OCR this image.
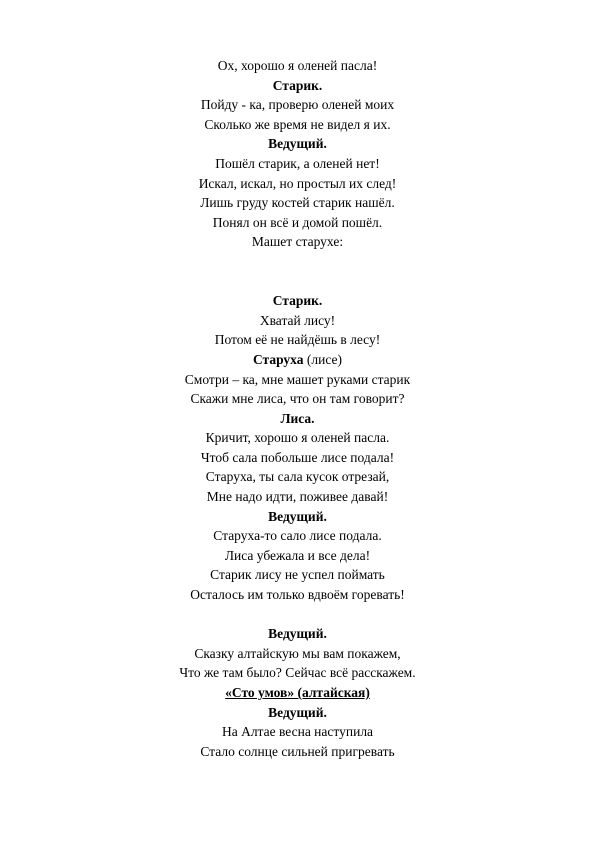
Ох, хорошо я оленей пасла!
Старик.
Пойду - ка, проверю оленей моих
Сколько же время не видел я их.
Ведущий.
Пошёл старик, а оленей нет!
Искал, искал, но простыл их след!
Лишь груду костей старик нашёл.
Понял он всё и домой пошёл.
Машет старухе:
Старик.
Хватай лису!
Потом её не найдёшь в лесу!
Старуха (лисе)
Смотри – ка, мне машет руками старик
Скажи мне лиса, что он там говорит?
Лиса.
Кричит, хорошо я оленей пасла.
Чтоб сала побольше лисе подала!
Старуха, ты сала кусок отрезай,
Мне надо идти, поживее давай!
Ведущий.
Старуха-то сало лисе подала.
Лиса убежала и все дела!
Старик лису не успел поймать
Осталось им только вдвоём горевать!
Ведущий.
Сказку алтайскую мы вам покажем,
Что же там было? Сейчас всё расскажем.
«Сто умов» (алтайская)
Ведущий.
На Алтае весна наступила
Стало солнце сильней пригревать
